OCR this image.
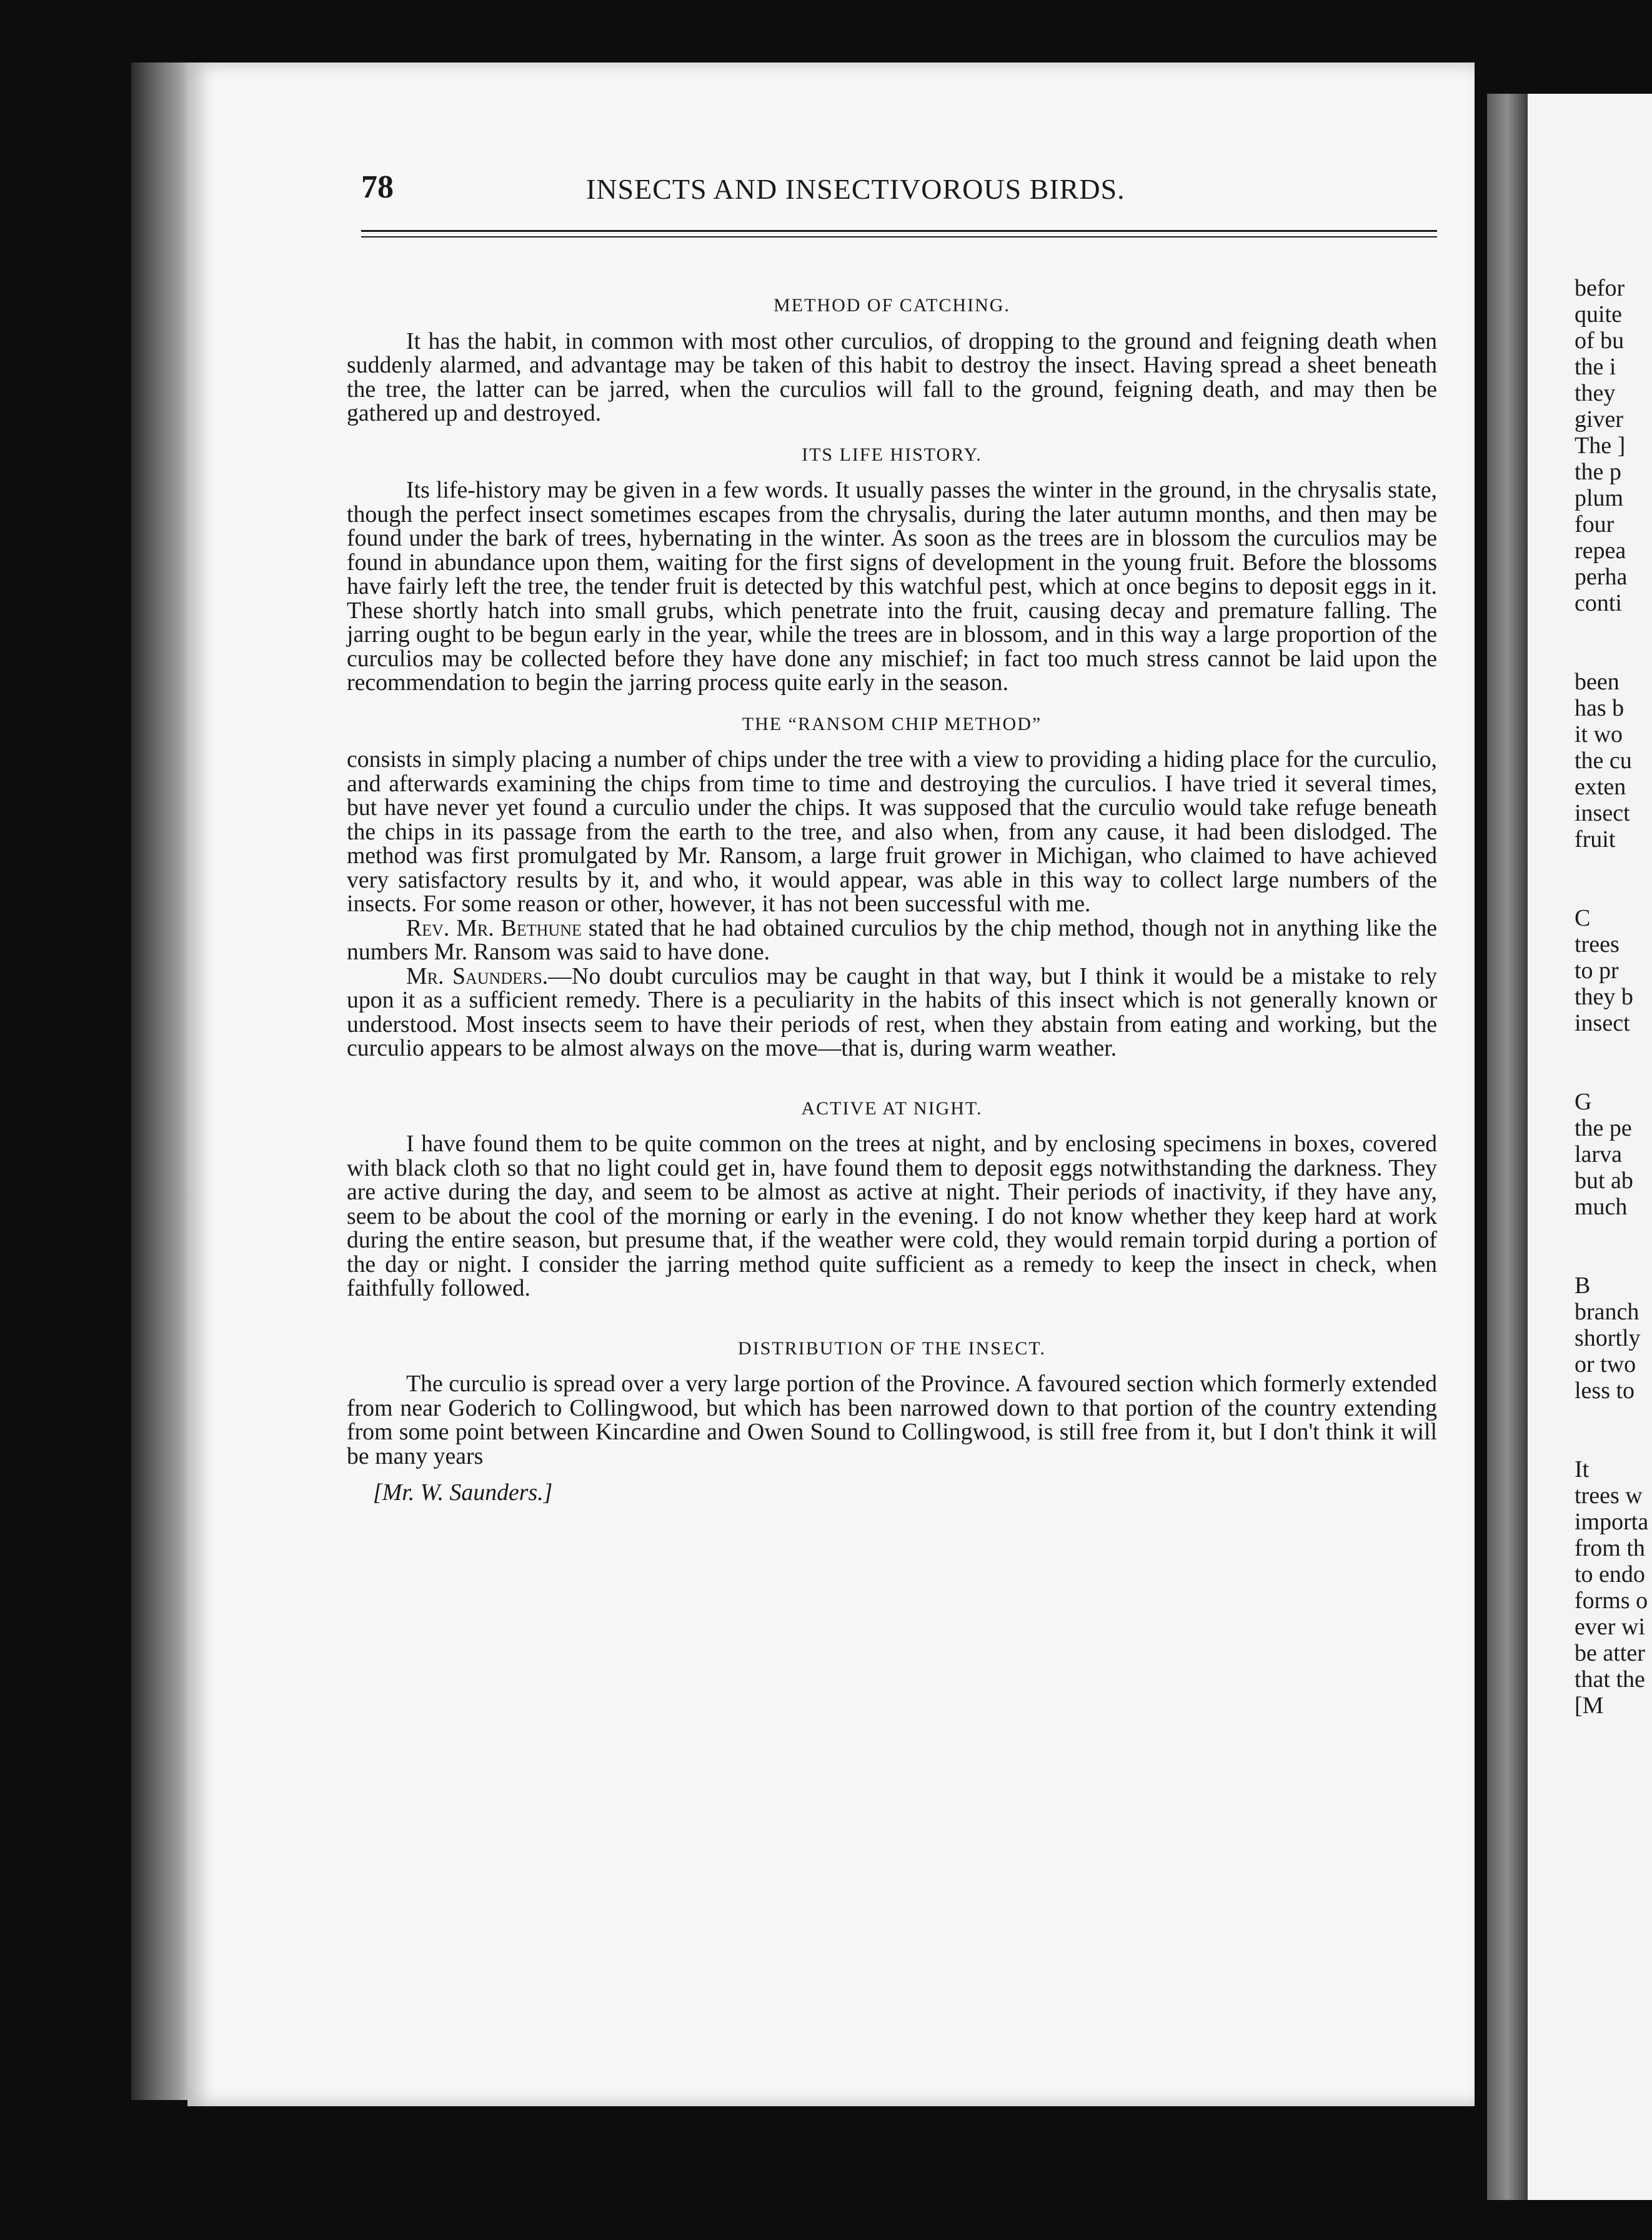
78	INSECTS AND INSECTIVOROUS BIRDS.
METHOD OF CATCHING.

It has the habit, in common with most other curculios, of dropping to the ground and feigning death when suddenly alarmed, and advantage may be taken of this habit to destroy the insect. Having spread a sheet beneath the tree, the latter can be jarred, when the curculios will fall to the ground, feigning death, and may then be gathered up and destroyed.

ITS LIFE HISTORY.

Its life-history may be given in a few words. It usually passes the winter in the ground, in the chrysalis state, though the perfect insect sometimes escapes from the chrysalis, during the later autumn months, and then may be found under the bark of trees, hybernating in the winter. As soon as the trees are in blossom the curculios may be found in abundance upon them, waiting for the first signs of development in the young fruit. Before the blossoms have fairly left the tree, the tender fruit is detected by this watchful pest, which at once begins to deposit eggs in it. These shortly hatch into small grubs, which penetrate into the fruit, causing decay and premature falling. The jarring ought to be begun early in the year, while the trees are in blossom, and in this way a large proportion of the curculios may be collected before they have done any mischief; in fact too much stress cannot be laid upon the recommendation to begin the jarring process quite early in the season.

THE “RANSOM CHIP METHOD”

consists in simply placing a number of chips under the tree with a view to providing a hiding place for the curculio, and afterwards examining the chips from time to time and destroying the curculios. I have tried it several times, but have never yet found a curculio under the chips. It was supposed that the curculio would take refuge beneath the chips in its passage from the earth to the tree, and also when, from any cause, it had been dislodged. The method was first promulgated by Mr. Ransom, a large fruit grower in Michigan, who claimed to have achieved very satisfactory results by it, and who, it would appear, was able in this way to collect large numbers of the insects. For some reason or other, however, it has not been successful with me.

Rev. Mr. Bethune stated that he had obtained curculios by the chip method, though not in anything like the numbers Mr. Ransom was said to have done.

Mr. Saunders.—No doubt curculios may be caught in that way, but I think it would be a mistake to rely upon it as a sufficient remedy. There is a peculiarity in the habits of this insect which is not generally known or understood. Most insects seem to have their periods of rest, when they abstain from eating and working, but the curculio appears to be almost always on the move—that is, during warm weather.

ACTIVE AT NIGHT.

I have found them to be quite common on the trees at night, and by enclosing specimens in boxes, covered with black cloth so that no light could get in, have found them to deposit eggs notwithstanding the darkness. They are active during the day, and seem to be almost as active at night. Their periods of inactivity, if they have any, seem to be about the cool of the morning or early in the evening. I do not know whether they keep hard at work during the entire season, but presume that, if the weather were cold, they would remain torpid during a portion of the day or night. I consider the jarring method quite sufficient as a remedy to keep the insect in check, when faithfully followed.

DISTRIBUTION OF THE INSECT.

The curculio is spread over a very large portion of the Province. A favoured section which formerly extended from near Goderich to Collingwood, but which has been narrowed down to that portion of the country extending from some point between Kincardine and Owen Sound to Collingwood, is still free from it, but I don't think it will be many years

[Mr. W. Saunders.]
befor
quite
of bu
the i
they
giver
The ]
the p
plum
four
repea
perha
conti
been
has b
it wo
the cu
exten
insect
fruit
C
trees
to pr
they b
insect
G
the pe
larva
but ab
much
B
branch
shortly
or two
less to
It
trees w
importa
from th
to endo
forms o
ever wi
be atter
that the
[M
